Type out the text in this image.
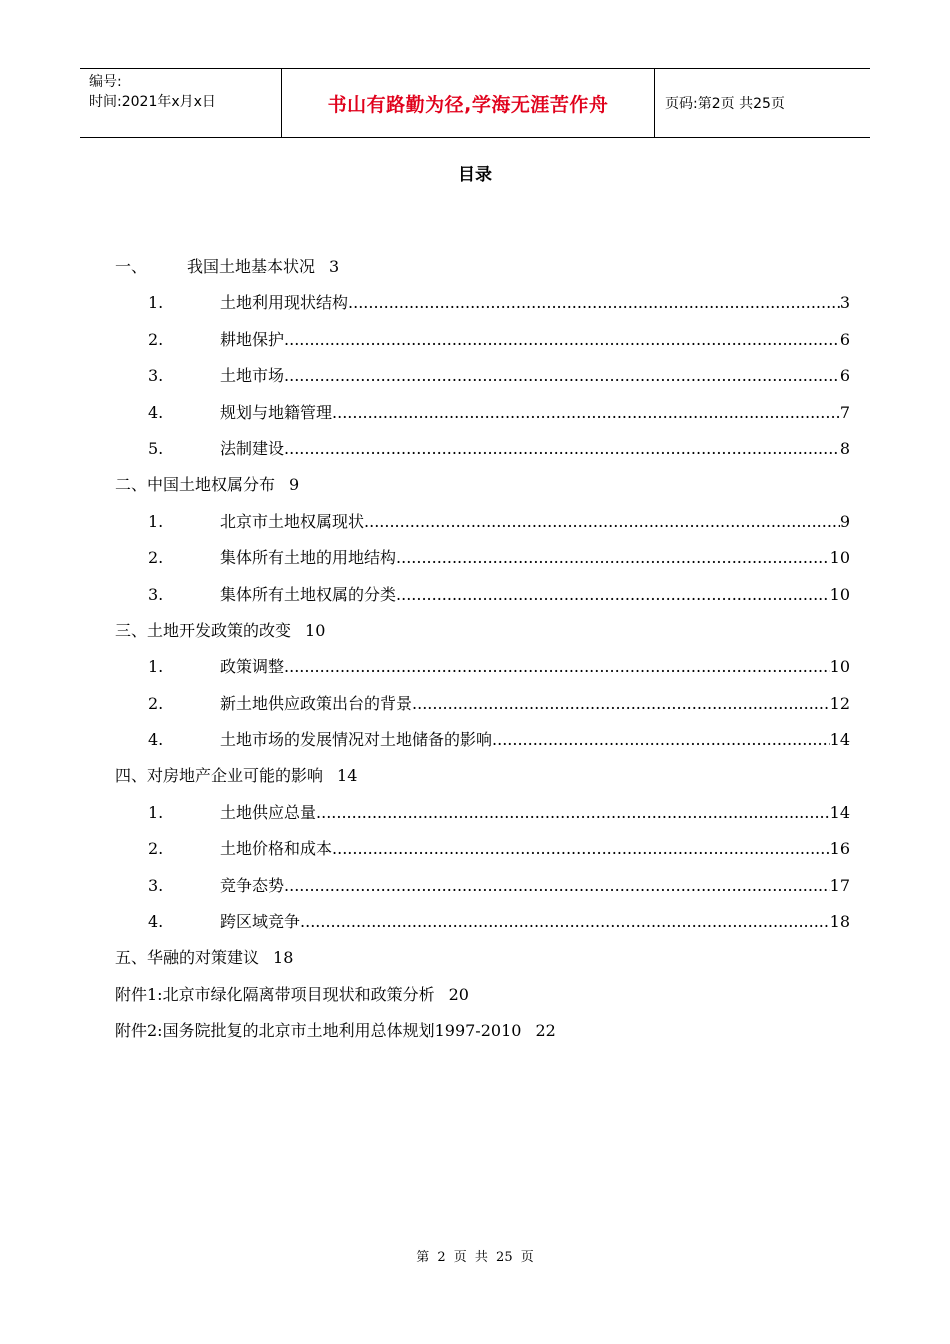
编号:
时间:2021年x月x日	书山有路勤为径,学海无涯苦作舟	页码:第2页 共25页
目录
一、	我国土地基本状况 3
1.	土地利用现状结构 .....	3
2.	耕地保护 .....	6
3.	土地市场 .....	6
4.	规划与地籍管理 .....	7
5.	法制建设 .....	8
二、中国土地权属分布 9
1.	北京市土地权属现状 .....	9
2.	集体所有土地的用地结构 .....	10
3.	集体所有土地权属的分类 .....	10
三、土地开发政策的改变 10
1.	政策调整 .....	10
2.	新土地供应政策出台的背景 .....	12
4.	土地市场的发展情况对土地储备的影响 .....	14
四、对房地产企业可能的影响 14
1.	土地供应总量 .....	14
2.	土地价格和成本 .....	16
3.	竞争态势 .....	17
4.	跨区域竞争 .....	18
五、华融的对策建议 18
附件1:北京市绿化隔离带项目现状和政策分析 20
附件2:国务院批复的北京市土地利用总体规划1997-2010 22
第 2 页 共 25 页
